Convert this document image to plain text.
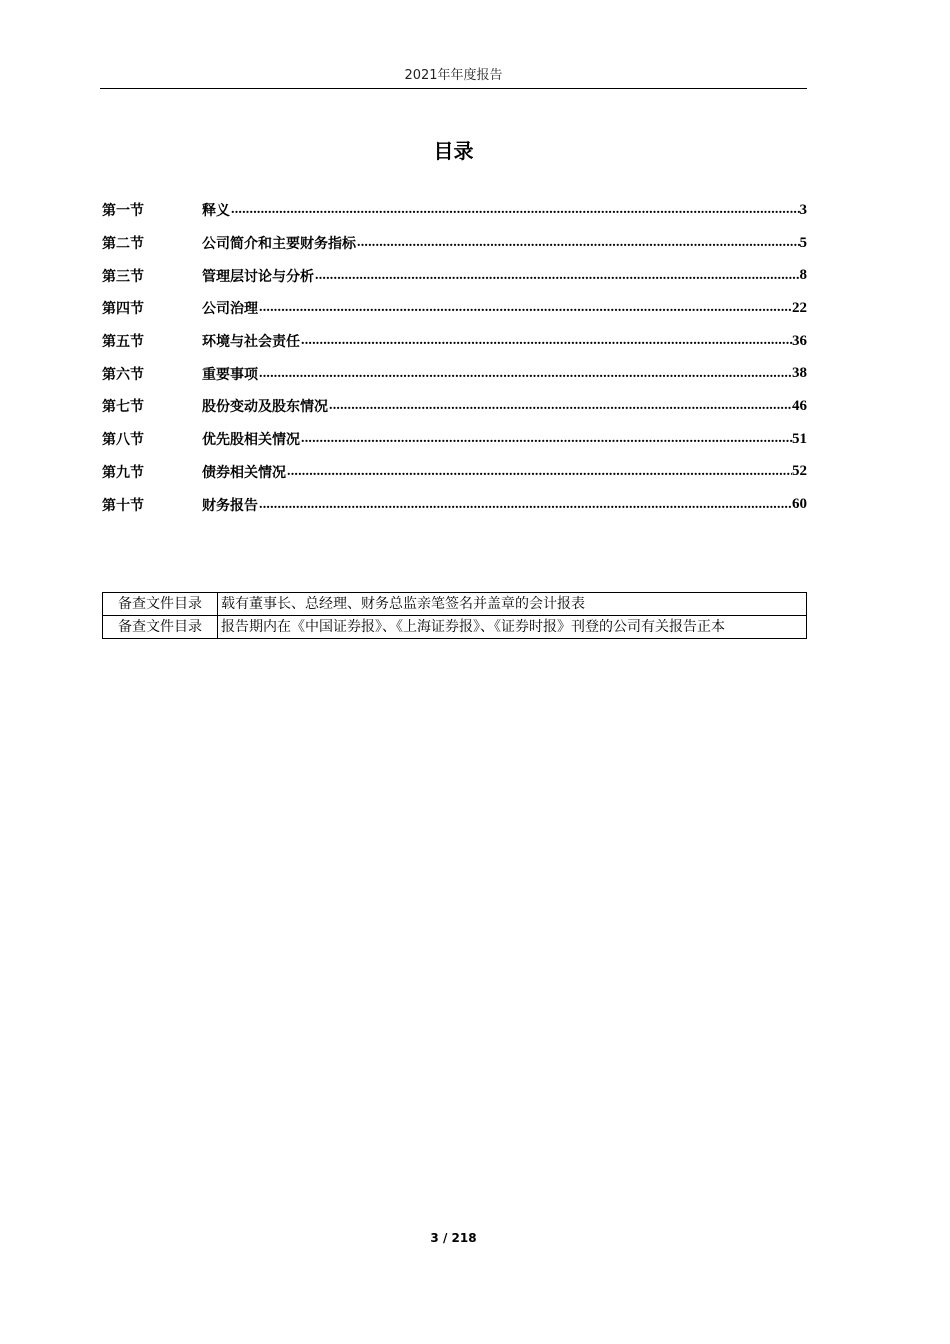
2021年年度报告
目录
第一节	释义 .....	3
第二节	公司简介和主要财务指标 .....	5
第三节	管理层讨论与分析 .....	8
第四节	公司治理 .....	22
第五节	环境与社会责任 .....	36
第六节	重要事项 .....	38
第七节	股份变动及股东情况 .....	46
第八节	优先股相关情况 .....	51
第九节	债券相关情况 .....	52
第十节	财务报告 .....	60
备查文件目录	载有董事长、总经理、财务总监亲笔签名并盖章的会计报表
备查文件目录	报告期内在《中国证券报》、《上海证券报》、《证券时报》刊登的公司有关报告正本
3 / 218
